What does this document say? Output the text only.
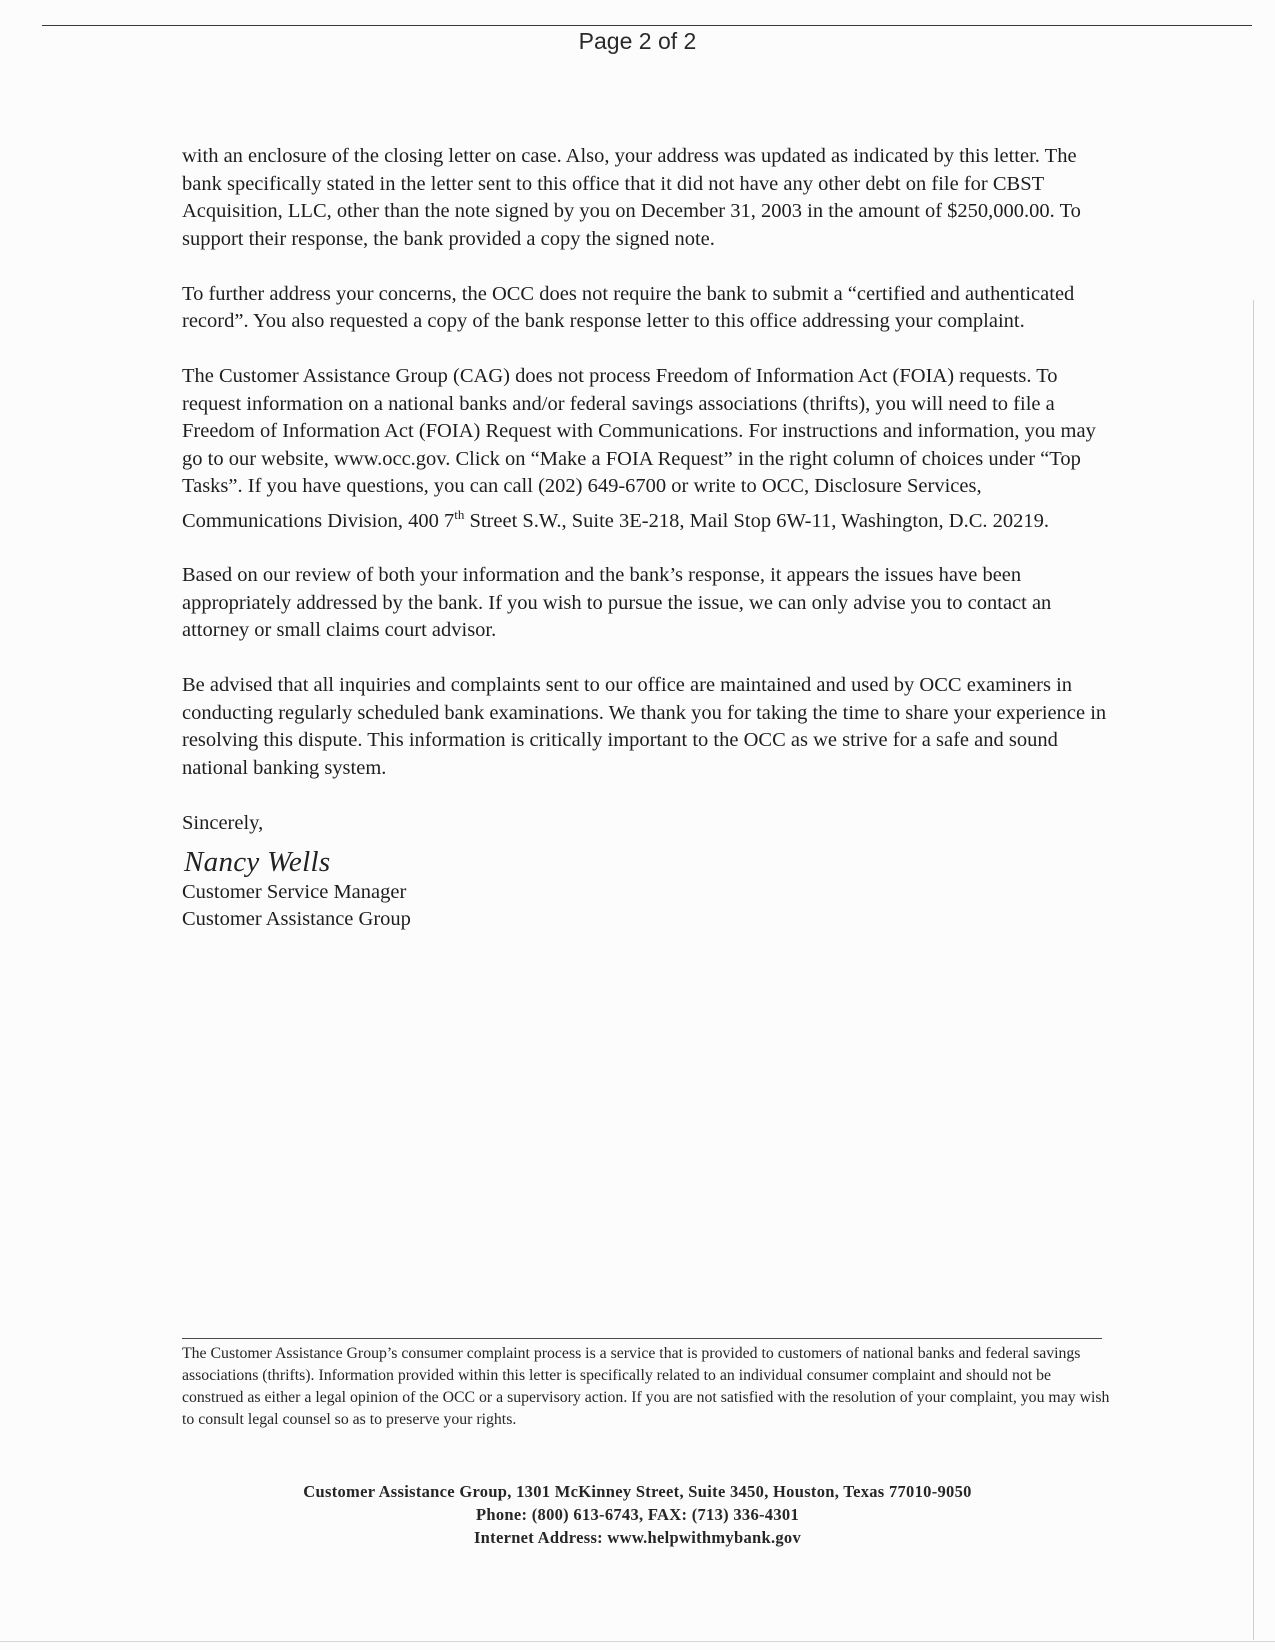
Page 2 of 2

with an enclosure of the closing letter on case. Also, your address was updated as indicated by this letter. The bank specifically stated in the letter sent to this office that it did not have any other debt on file for CBST Acquisition, LLC, other than the note signed by you on December 31, 2003 in the amount of $250,000.00. To support their response, the bank provided a copy the signed note.

To further address your concerns, the OCC does not require the bank to submit a “certified and authenticated record”. You also requested a copy of the bank response letter to this office addressing your complaint.

The Customer Assistance Group (CAG) does not process Freedom of Information Act (FOIA) requests. To request information on a national banks and/or federal savings associations (thrifts), you will need to file a Freedom of Information Act (FOIA) Request with Communications. For instructions and information, you may go to our website, www.occ.gov. Click on “Make a FOIA Request” in the right column of choices under “Top Tasks”. If you have questions, you can call (202) 649-6700 or write to OCC, Disclosure Services, Communications Division, 400 7th Street S.W., Suite 3E-218, Mail Stop 6W-11, Washington, D.C. 20219.

Based on our review of both your information and the bank’s response, it appears the issues have been appropriately addressed by the bank. If you wish to pursue the issue, we can only advise you to contact an attorney or small claims court advisor.

Be advised that all inquiries and complaints sent to our office are maintained and used by OCC examiners in conducting regularly scheduled bank examinations. We thank you for taking the time to share your experience in resolving this dispute. This information is critically important to the OCC as we strive for a safe and sound national banking system.

Sincerely,
Nancy Wells
Customer Service Manager
Customer Assistance Group
The Customer Assistance Group’s consumer complaint process is a service that is provided to customers of national banks and federal savings associations (thrifts). Information provided within this letter is specifically related to an individual consumer complaint and should not be construed as either a legal opinion of the OCC or a supervisory action. If you are not satisfied with the resolution of your complaint, you may wish to consult legal counsel so as to preserve your rights.
Customer Assistance Group, 1301 McKinney Street, Suite 3450, Houston, Texas 77010-9050
Phone: (800) 613-6743, FAX: (713) 336-4301
Internet Address: www.helpwithmybank.gov
